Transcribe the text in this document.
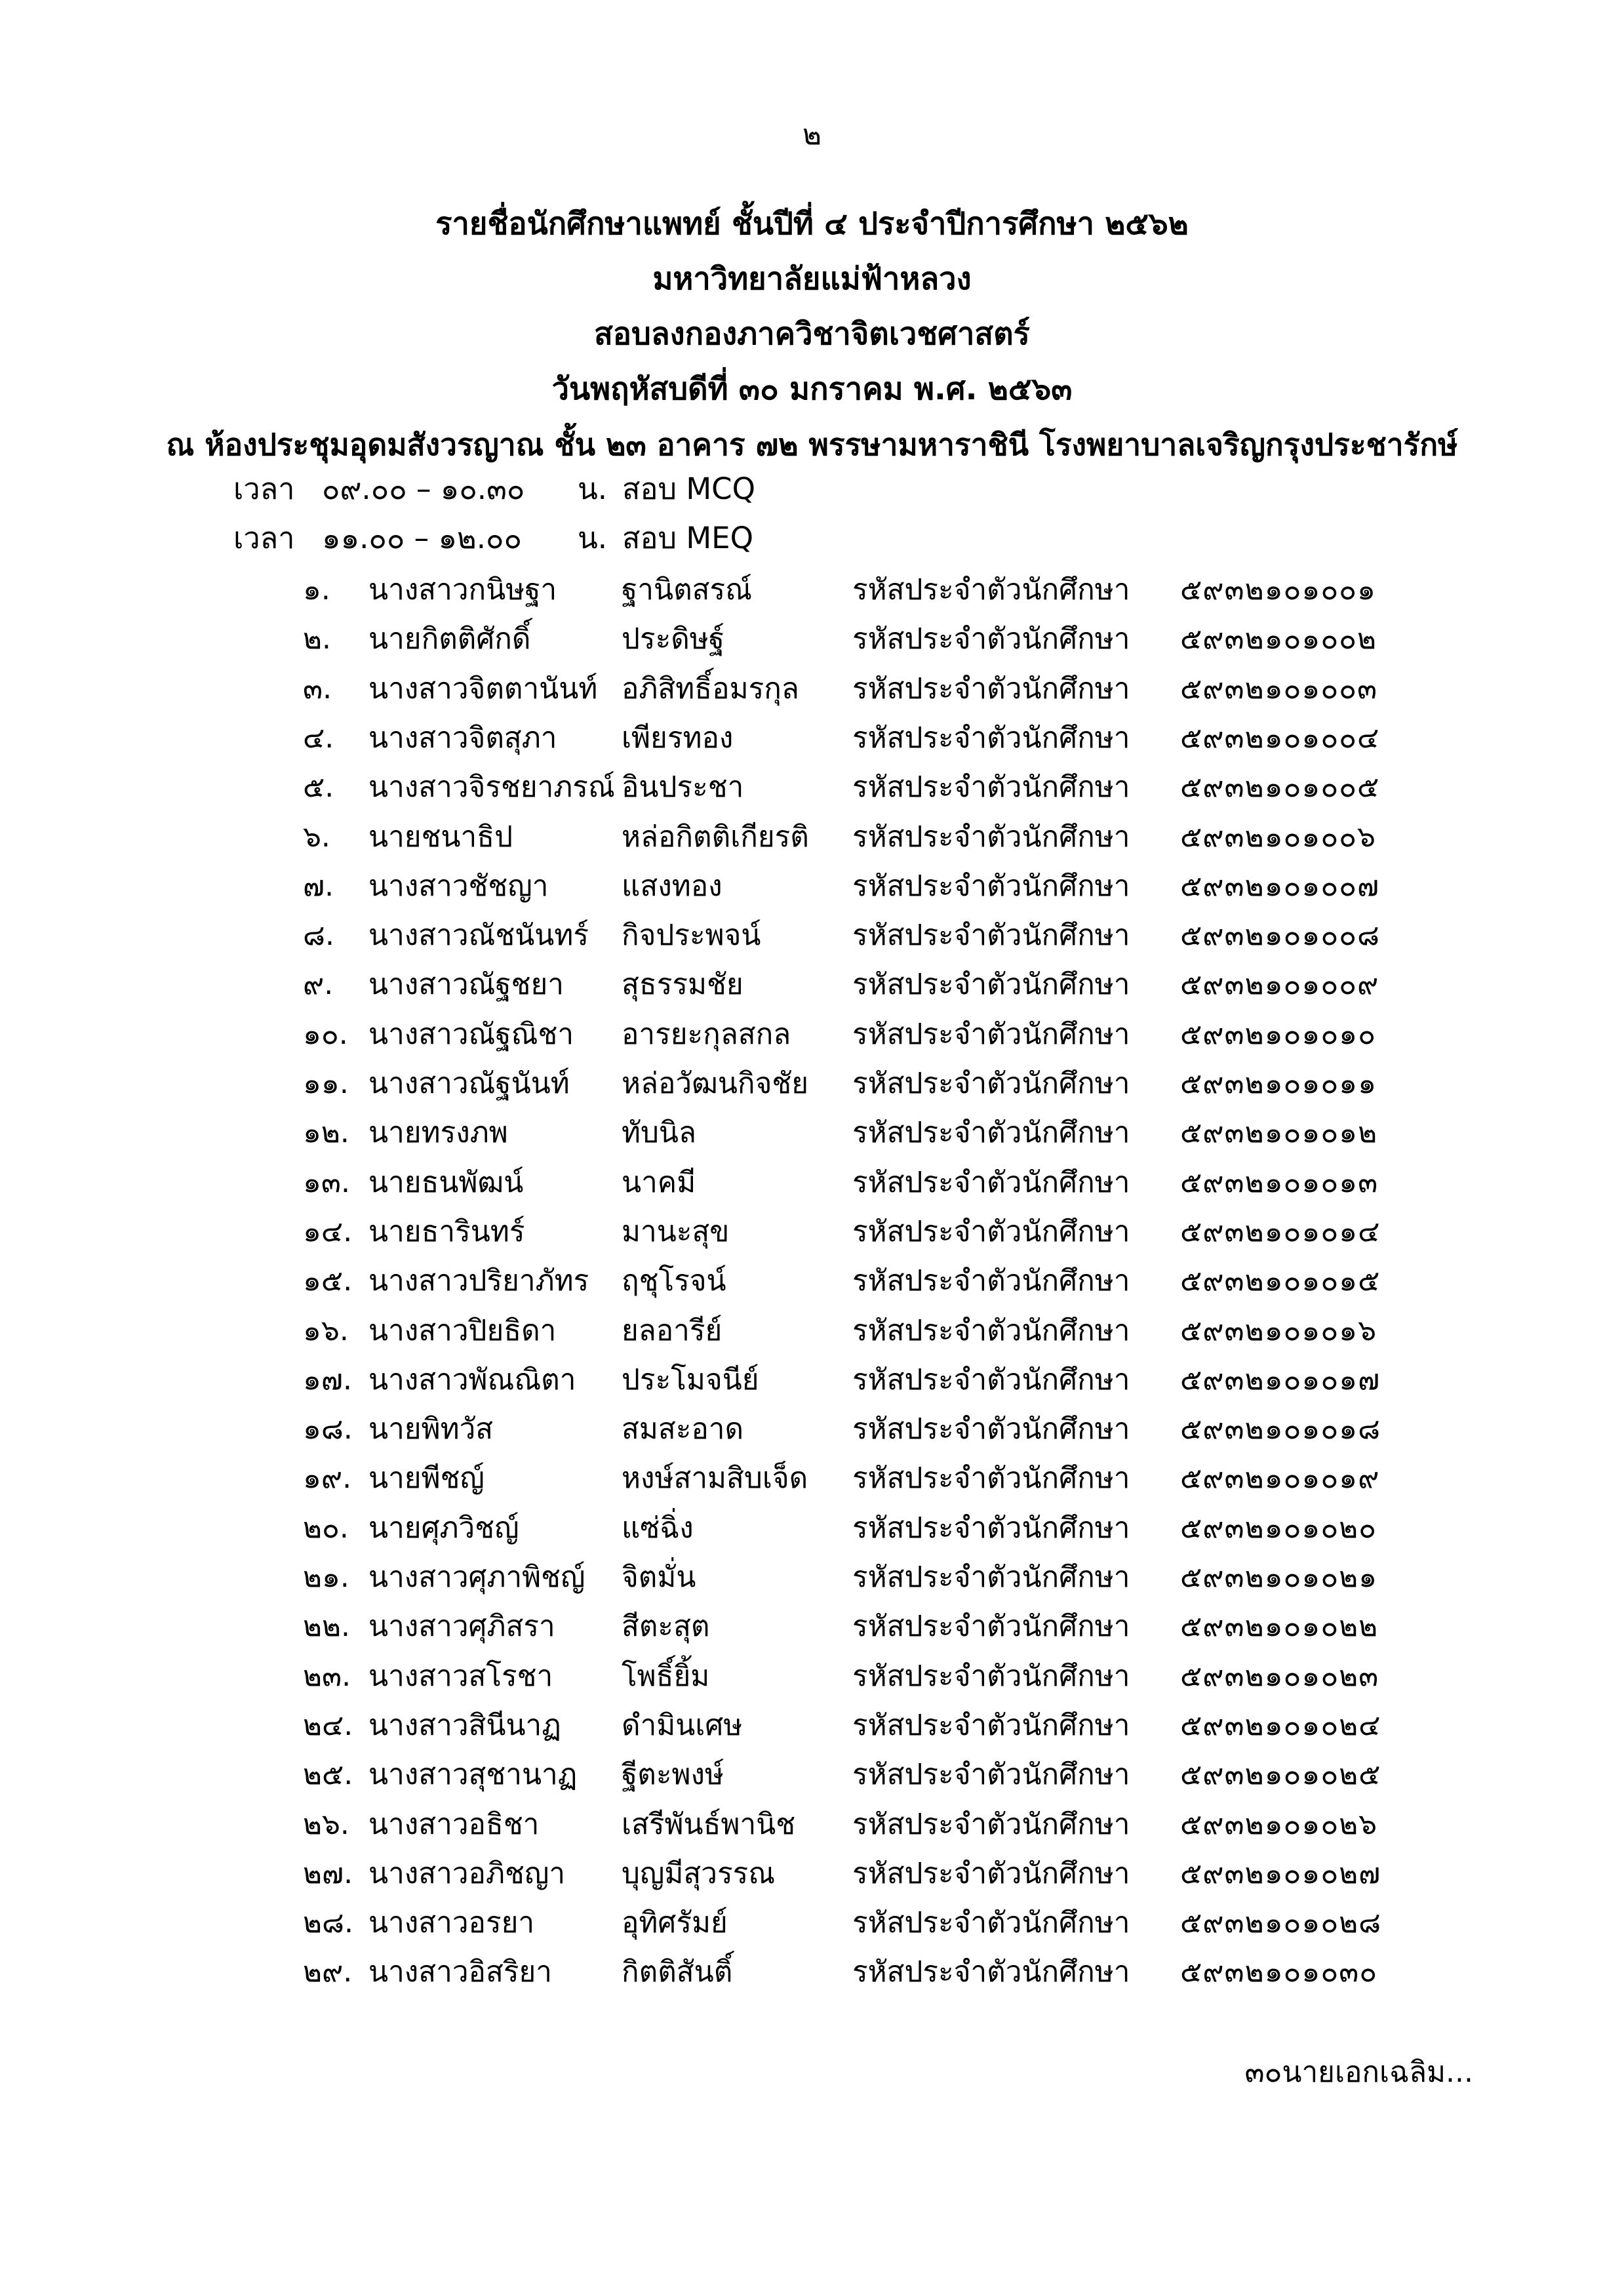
๒
รายชื่อนักศึกษาแพทย์ ชั้นปีที่ ๔ ประจำปีการศึกษา ๒๕๖๒
มหาวิทยาลัยแม่ฟ้าหลวง
สอบลงกองภาควิชาจิตเวชศาสตร์
วันพฤหัสบดีที่ ๓๐ มกราคม พ.ศ. ๒๕๖๓
ณ ห้องประชุมอุดมสังวรญาณ ชั้น ๒๓ อาคาร ๗๒ พรรษามหาราชินี โรงพยาบาลเจริญกรุงประชารักษ์
เวลา ๐๙.๐๐ – ๑๐.๓๐ น. สอบ MCQ
เวลา ๑๑.๐๐ – ๑๒.๐๐ น. สอบ MEQ
๑. นางสาวกนิษฐา ฐานิตสรณ์	รหัสประจำตัวนักศึกษา ๕๙๓๒๑๐๑๐๐๑
๒. นายกิตติศักดิ์	ประดิษฐ์	รหัสประจำตัวนักศึกษา ๕๙๓๒๑๐๑๐๐๒
๓. นางสาวจิตตานันท์ อภิสิทธิ์อมรกุล รหัสประจำตัวนักศึกษา ๕๙๓๒๑๐๑๐๐๓
๔. นางสาวจิตสุภา เพียรทอง	รหัสประจำตัวนักศึกษา ๕๙๓๒๑๐๑๐๐๔
๕. นางสาวจิรชยาภรณ์ อินประชา	รหัสประจำตัวนักศึกษา ๕๙๓๒๑๐๑๐๐๕
๖. นายชนาธิป	หล่อกิตติเกียรติ รหัสประจำตัวนักศึกษา ๕๙๓๒๑๐๑๐๐๖
๗. นางสาวชัชญา	แสงทอง	รหัสประจำตัวนักศึกษา ๕๙๓๒๑๐๑๐๐๗
๘. นางสาวณัชนันทร์ กิจประพจน์	รหัสประจำตัวนักศึกษา ๕๙๓๒๑๐๑๐๐๘
๙. นางสาวณัฐชยา สุธรรมชัย	รหัสประจำตัวนักศึกษา ๕๙๓๒๑๐๑๐๐๙
๑๐. นางสาวณัฐณิชา อารยะกุลสกล รหัสประจำตัวนักศึกษา ๕๙๓๒๑๐๑๐๑๐
๑๑. นางสาวณัฐนันท์ หล่อวัฒนกิจชัย รหัสประจำตัวนักศึกษา ๕๙๓๒๑๐๑๐๑๑
๑๒. นายทรงภพ	ทับนิล	รหัสประจำตัวนักศึกษา ๕๙๓๒๑๐๑๐๑๒
๑๓. นายธนพัฒน์	นาคมี	รหัสประจำตัวนักศึกษา ๕๙๓๒๑๐๑๐๑๓
๑๔. นายธารินทร์	มานะสุข	รหัสประจำตัวนักศึกษา ๕๙๓๒๑๐๑๐๑๔
๑๕. นางสาวปริยาภัทร ฤชุโรจน์	รหัสประจำตัวนักศึกษา ๕๙๓๒๑๐๑๐๑๕
๑๖. นางสาวปิยธิดา ยลอารีย์	รหัสประจำตัวนักศึกษา ๕๙๓๒๑๐๑๐๑๖
๑๗. นางสาวพัณณิตา ประโมจนีย์	รหัสประจำตัวนักศึกษา ๕๙๓๒๑๐๑๐๑๗
๑๘. นายพิทวัส	สมสะอาด	รหัสประจำตัวนักศึกษา ๕๙๓๒๑๐๑๐๑๘
๑๙. นายพีชญ์	หงษ์สามสิบเจ็ด รหัสประจำตัวนักศึกษา ๕๙๓๒๑๐๑๐๑๙
๒๐. นายศุภวิชญ์	แซ่ฉิ่ง	รหัสประจำตัวนักศึกษา ๕๙๓๒๑๐๑๐๒๐
๒๑. นางสาวศุภาพิชญ์ จิตมั่น	รหัสประจำตัวนักศึกษา ๕๙๓๒๑๐๑๐๒๑
๒๒. นางสาวศุภิสรา สีตะสุต	รหัสประจำตัวนักศึกษา ๕๙๓๒๑๐๑๐๒๒
๒๓. นางสาวสโรชา โพธิ์ยิ้ม	รหัสประจำตัวนักศึกษา ๕๙๓๒๑๐๑๐๒๓
๒๔. นางสาวสินีนาฏ ดำมินเศษ	รหัสประจำตัวนักศึกษา ๕๙๓๒๑๐๑๐๒๔
๒๕. นางสาวสุชานาฏ ฐีตะพงษ์	รหัสประจำตัวนักศึกษา ๕๙๓๒๑๐๑๐๒๕
๒๖. นางสาวอธิชา	เสรีพันธ์พานิช รหัสประจำตัวนักศึกษา ๕๙๓๒๑๐๑๐๒๖
๒๗. นางสาวอภิชญา บุญมีสุวรรณ	รหัสประจำตัวนักศึกษา ๕๙๓๒๑๐๑๐๒๗
๒๘. นางสาวอรยา	อุทิศรัมย์	รหัสประจำตัวนักศึกษา ๕๙๓๒๑๐๑๐๒๘
๒๙. นางสาวอิสริยา กิตติสันติ์	รหัสประจำตัวนักศึกษา ๕๙๓๒๑๐๑๐๓๐
๓๐นายเอกเฉลิม...
